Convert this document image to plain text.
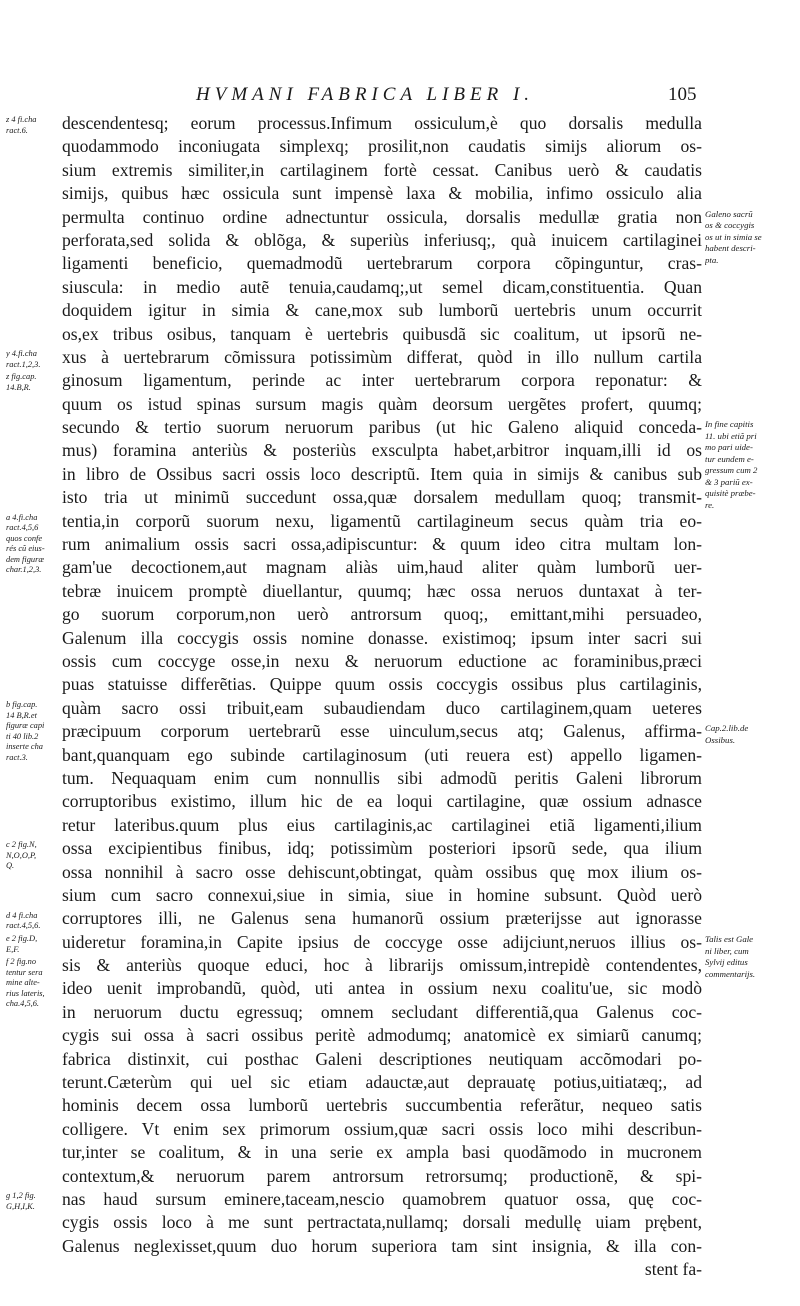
HVMANI FABRICA LIBER I.	105
descendentesq; eorum processus.Infimum ossiculum,è quo dorsalis medulla
quodammodo inconiugata simplexq; prosilit,non caudatis simijs aliorum os-
sium extremis similiter,in cartilaginem fortè cessat. Canibus uerò & caudatis
simijs, quibus hæc ossicula sunt impensè laxa & mobilia, infimo ossiculo alia
permulta continuo ordine adnectuntur ossicula, dorsalis medullæ gratia non
perforata,sed solida & oblõga, & superiùs inferiusq;, quà inuicem cartilaginei
ligamenti beneficio, quemadmodũ uertebrarum corpora cõpinguntur, cras-
siuscula: in medio autẽ tenuia,caudamq;,ut semel dicam,constituentia. Quan
doquidem igitur in simia & cane,mox sub lumborũ uertebris unum occurrit
os,ex tribus osibus, tanquam è uertebris quibusdã sic coalitum, ut ipsorũ ne-
xus à uertebrarum cõmissura potissimùm differat, quòd in illo nullum cartila
ginosum ligamentum, perinde ac inter uertebrarum corpora reponatur: &
quum os istud spinas sursum magis quàm deorsum uergẽtes profert, quumq;
secundo & tertio suorum neruorum paribus (ut hic Galeno aliquid conceda-
mus) foramina anteriùs & posteriùs exsculpta habet,arbitror inquam,illi id os
in libro de Ossibus sacri ossis loco descriptũ. Item quia in simijs & canibus sub
isto tria ut minimũ succedunt ossa,quæ dorsalem medullam quoq; transmit-
tentia,in corporũ suorum nexu, ligamentũ cartilagineum secus quàm tria eo-
rum animalium ossis sacri ossa,adipiscuntur: & quum ideo citra multam lon-
gam'ue decoctionem,aut magnam aliàs uim,haud aliter quàm lumborũ uer-
tebræ inuicem promptè diuellantur, quumq; hæc ossa neruos duntaxat à ter-
go suorum corporum,non uerò antrorsum quoq;, emittant,mihi persuadeo,
Galenum illa coccygis ossis nomine donasse. existimoq; ipsum inter sacri sui
ossis cum coccyge osse,in nexu & neruorum eductione ac foraminibus,præci
puas statuisse differẽtias. Quippe quum ossis coccygis ossibus plus cartilaginis,
quàm sacro ossi tribuit,eam subaudiendam duco cartilaginem,quam ueteres
præcipuum corporum uertebrarũ esse uinculum,secus atq; Galenus, affirma-
bant,quanquam ego subinde cartilaginosum (uti reuera est) appello ligamen-
tum. Nequaquam enim cum nonnullis sibi admodũ peritis Galeni librorum
corruptoribus existimo, illum hic de ea loqui cartilagine, quæ ossium adnasce
retur lateribus.quum plus eius cartilaginis,ac cartilaginei etiã ligamenti,ilium
ossa excipientibus finibus, idq; potissimùm posteriori ipsorũ sede, qua ilium
ossa nonnihil à sacro osse dehiscunt,obtingat, quàm ossibus quę mox ilium os-
sium cum sacro connexui,siue in simia, siue in homine subsunt. Quòd uerò
corruptores illi, ne Galenus sena humanorũ ossium præterijsse aut ignorasse
uideretur foramina,in Capite ipsius de coccyge osse adijciunt,neruos illius os-
sis & anteriùs quoque educi, hoc à librarijs omissum,intrepidè contendentes,
ideo uenit improbandũ, quòd, uti antea in ossium nexu coalitu'ue, sic modò
in neruorum ductu egressuq; omnem secludant differentiã,qua Galenus coc-
cygis sui ossa à sacri ossibus peritè admodumq; anatomicè ex simiarũ canumq;
fabrica distinxit, cui posthac Galeni descriptiones neutiquam accõmodari po-
terunt.Cæterùm qui uel sic etiam adauctæ,aut deprauatę potius,uitiatæq;, ad
hominis decem ossa lumborũ uertebris succumbentia referãtur, nequeo satis
colligere. Vt enim sex primorum ossium,quæ sacri ossis loco mihi describun-
tur,inter se coalitum, & in una serie ex ampla basi quodãmodo in mucronem
contextum,& neruorum parem antrorsum retrorsumq; productionẽ, & spi-
nas haud sursum eminere,taceam,nescio quamobrem quatuor ossa, quę coc-
cygis ossis loco à me sunt pertractata,nullamq; dorsali medullę uiam prębent,
Galenus neglexisset,quum duo horum superiora tam sint insignia, & illa con-
stent fa-
z 4 fi.cha
ract.6.
y 4.fi.cha
ract.1,2,3.
z fig.cap.
14.B,R.
a 4.fi.cha
ract.4,5,6
quos confe
rés cũ eius-
dem figuræ
char.1,2,3.
b fig.cap.
14 B,R.et
figuræ capi
ti 40 lib.2
inserte cha
ract.3.
c 2 fig.N,
N,O,O,P,
Q.
d 4 fi.cha
ract.4,5,6.
e 2 fig.D,
E,F.
f 2 fig.no
tentur sera
mine alte-
rius lateris,
cha.4,5,6.
g 1,2 fig.
G,H,I,K.
Galeno sacrũ
os & coccygis
os ut in simia se
habent descri-
pta.
In fine capitis
11. ubi etiã pri
mo pari uide-
tur eundem e-
gressum cum 2
& 3 pariũ ex-
quisitè præbe-
re.
Cap.2.lib.de
Ossibus.
Talis est Gale
ni liber, cum
Sylvij editus
commentarijs.
